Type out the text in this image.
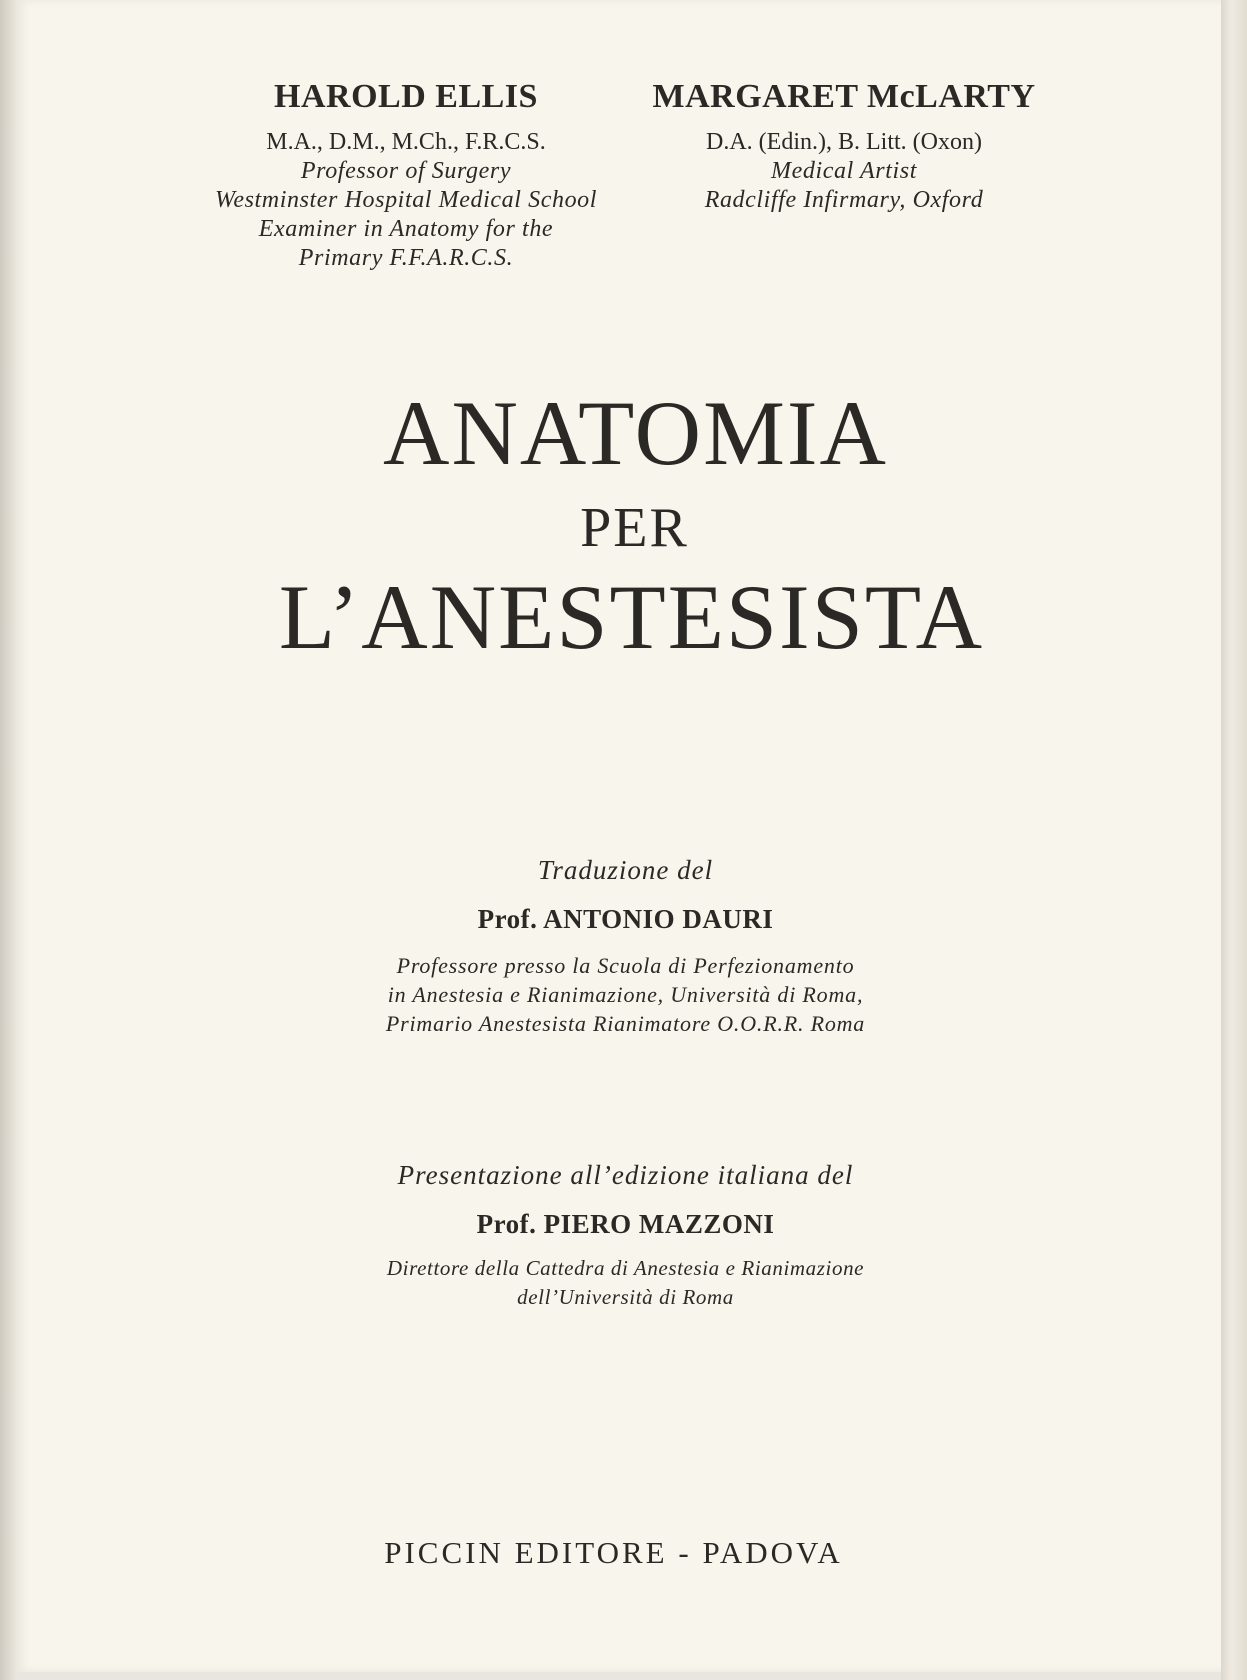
HAROLD ELLIS
M.A., D.M., M.Ch., F.R.C.S.
Professor of Surgery
Westminster Hospital Medical School
Examiner in Anatomy for the
Primary F.F.A.R.C.S.
MARGARET McLARTY
D.A. (Edin.), B. Litt. (Oxon)
Medical Artist
Radcliffe Infirmary, Oxford
ANATOMIA
PER
L’ANESTESISTA
Traduzione del
Prof. ANTONIO DAURI
Professore presso la Scuola di Perfezionamento
in Anestesia e Rianimazione, Università di Roma,
Primario Anestesista Rianimatore O.O.R.R. Roma
Presentazione all’edizione italiana del
Prof. PIERO MAZZONI
Direttore della Cattedra di Anestesia e Rianimazione
dell’Università di Roma
PICCIN EDITORE - PADOVA
